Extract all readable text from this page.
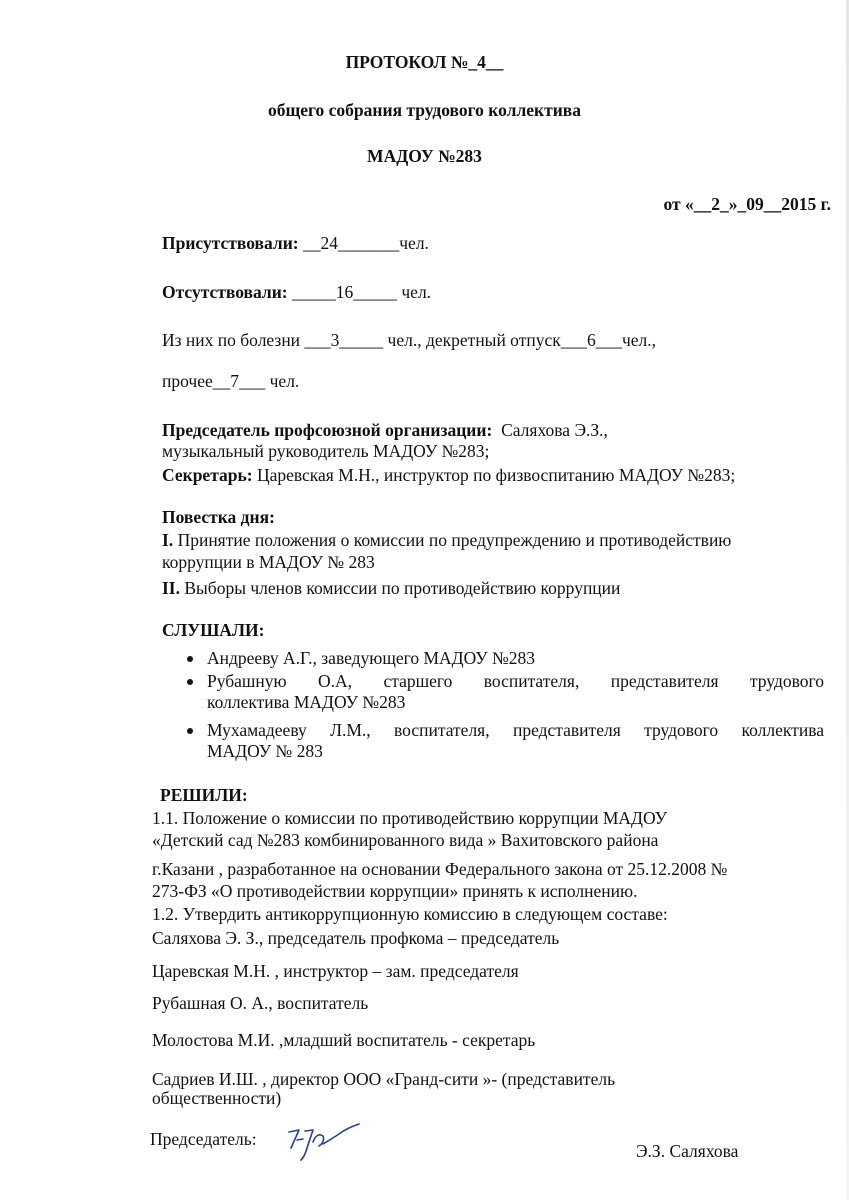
ПРОТОКОЛ №_4__
общего собрания трудового коллектива
МАДОУ №283
от «__2_»_09__2015 г.
Присутствовали: __24_______чел.
Отсутствовали: _____16_____ чел.
Из них по болезни ___3_____ чел., декретный отпуск___6___чел.,
прочее__7___ чел.
Председатель профсоюзной организации: Саляхова Э.З.,
музыкальный руководитель МАДОУ №283;
Секретарь: Царевская М.Н., инструктор по физвоспитанию МАДОУ №283;
Повестка дня:
I. Принятие положения о комиссии по предупреждению и противодействию
коррупции в МАДОУ № 283
II. Выборы членов комиссии по противодействию коррупции
СЛУШАЛИ:
Андрееву А.Г., заведующего МАДОУ №283
Рубашную О.А, старшего воспитателя, представителя трудового
коллектива МАДОУ №283
Мухамадееву Л.М., воспитателя, представителя трудового коллектива
МАДОУ № 283
РЕШИЛИ:
1.1. Положение о комиссии по противодействию коррупции МАДОУ
«Детский сад №283 комбинированного вида » Вахитовского района
г.Казани , разработанное на основании Федерального закона от 25.12.2008 №
273-ФЗ «О противодействии коррупции» принять к исполнению.
1.2. Утвердить антикоррупционную комиссию в следующем составе:
Саляхова Э. З., председатель профкома – председатель
Царевская М.Н. , инструктор – зам. председателя
Рубашная О. А., воспитатель
Молостова М.И. ,младший воспитатель - секретарь
Садриев И.Ш. , директор ООО «Гранд-сити »- (представитель
общественности)
Председатель:
Э.З. Саляхова
